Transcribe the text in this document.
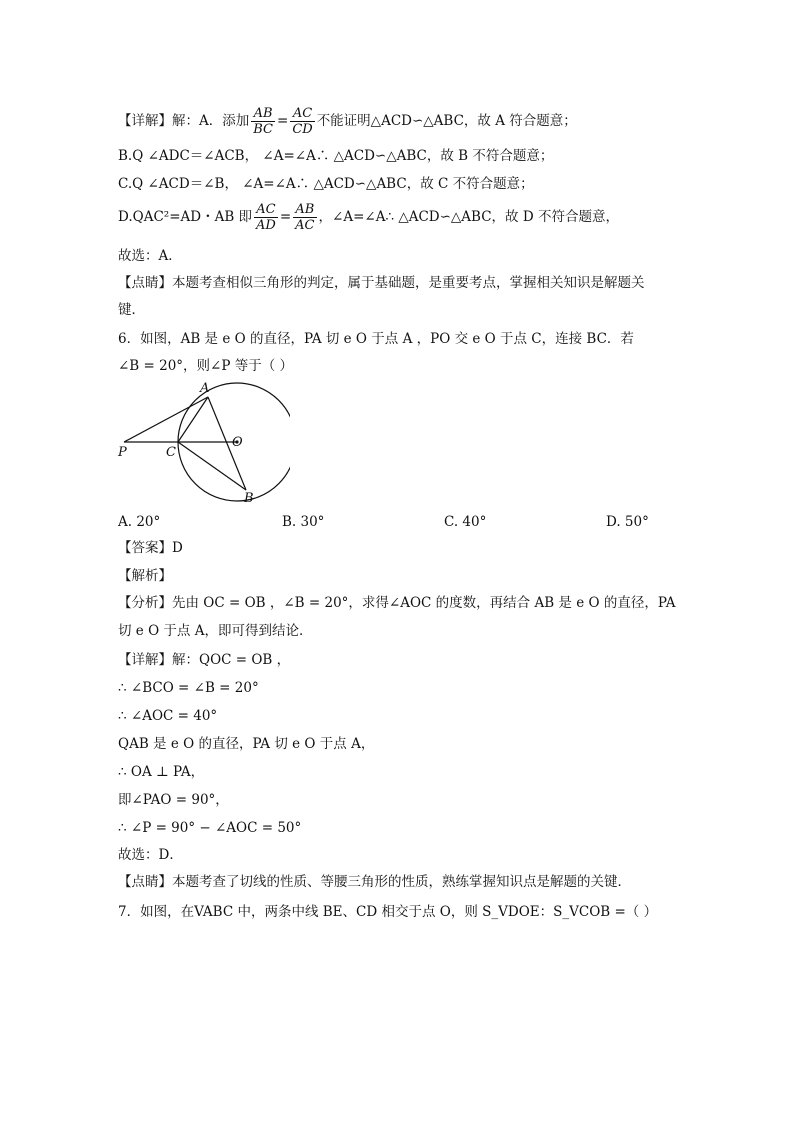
【详解】解：A．添加 $\frac{AB}{BC} = \frac{AC}{CD}$ 不能证明△ACD∽△ABC，故 A 符合题意；
B.Q ∠ADC＝∠ACB， ∠A=∠A∴ △ACD∽△ABC，故 B 不符合题意；
C.Q ∠ACD＝∠B， ∠A=∠A∴ △ACD∽△ABC，故 C 不符合题意；
D.QAC²=AD・AB 即 $\frac{AC}{AD} = \frac{AB}{AC}$ ，∠A=∠A∴ △ACD∽△ABC，故 D 不符合题意，
故选：A．
【点睛】本题考查相似三角形的判定，属于基础题，是重要考点，掌握相关知识是解题关
键．
6．如图，AB 是 e O 的直径，PA 切 e O 于点 A ，PO 交 e O 于点 C，连接 BC．若
∠B = 20°，则∠P 等于（ ）
A
B
C
O
P
A. 20°	B. 30°	C. 40°	D. 50°
【答案】D
【解析】
【分析】先由 OC = OB ，∠B = 20°，求得∠AOC 的度数，再结合 AB 是 e O 的直径，PA
切 e O 于点 A，即可得到结论．
【详解】解：QOC = OB ，
∴ ∠BCO = ∠B = 20°
∴ ∠AOC = 40°
QAB 是 e O 的直径，PA 切 e O 于点 A，
∴ OA ⊥ PA，
即∠PAO = 90°，
∴ ∠P = 90° − ∠AOC = 50°
故选：D．
【点睛】本题考查了切线的性质、等腰三角形的性质，熟练掌握知识点是解题的关键．
7．如图，在VABC 中，两条中线 BE、CD 相交于点 O，则 S_VDOE：S_VCOB =（ ）
